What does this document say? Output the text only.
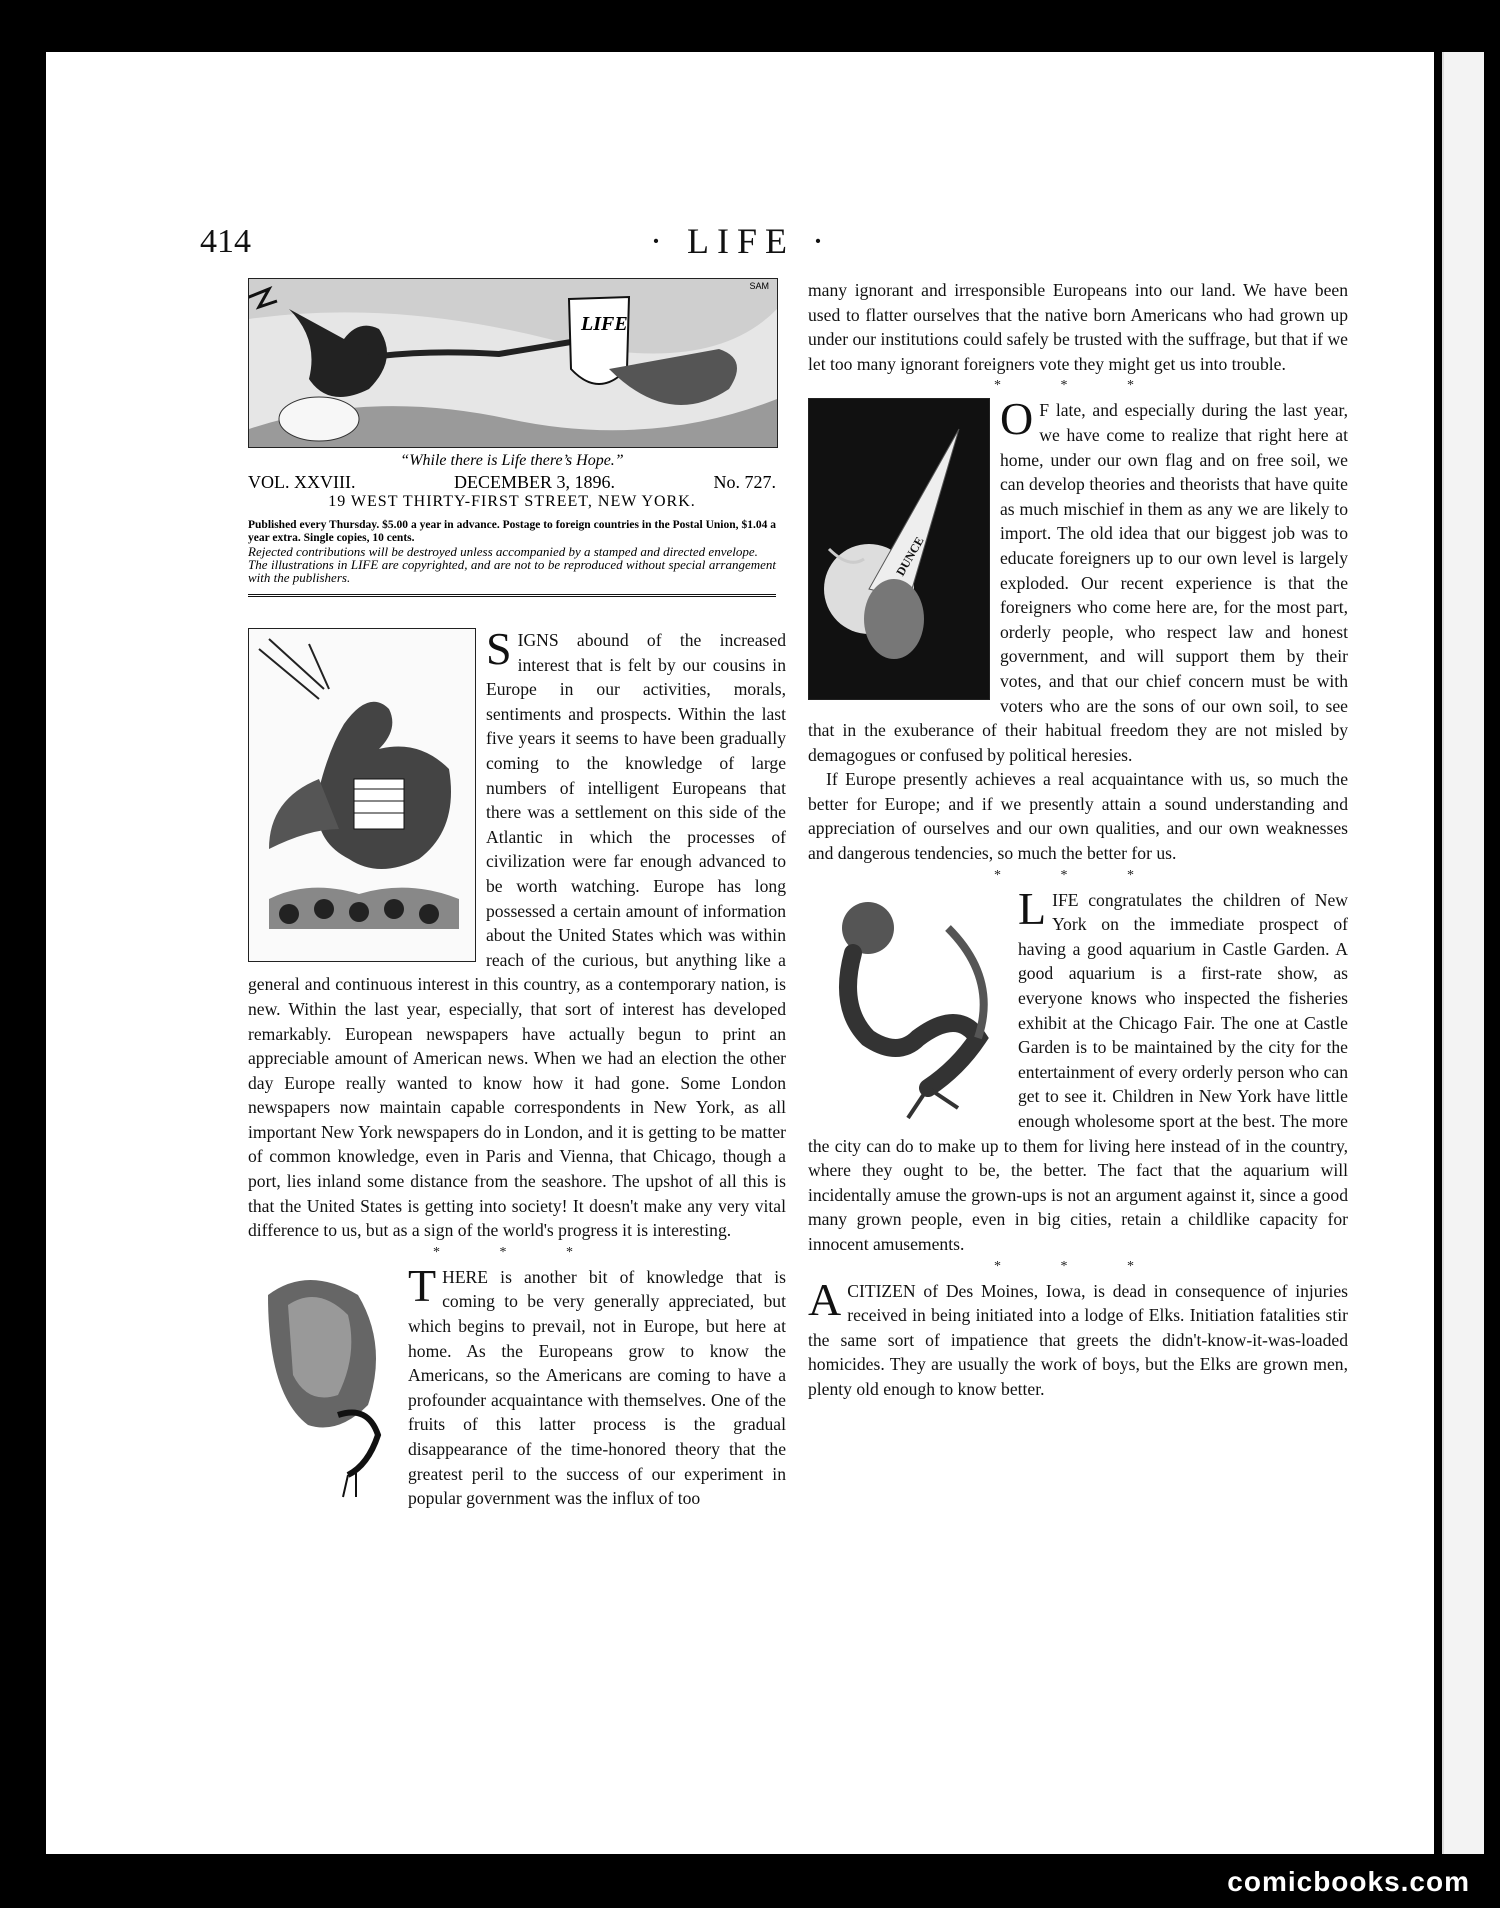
414	· LIFE ·
SAM
LIFE
“While there is Life there’s Hope.”
VOL. XXVIII.	DECEMBER 3, 1896.	No. 727.
19 WEST THIRTY-FIRST STREET, NEW YORK.
Published every Thursday. $5.00 a year in advance. Postage to foreign countries in the Postal Union, $1.04 a year extra. Single copies, 10 cents.
Rejected contributions will be destroyed unless accompanied by a stamped and directed envelope.
The illustrations in LIFE are copyrighted, and are not to be reproduced without special arrangement with the publishers.

SIGNS abound of the increased interest that is felt by our cousins in Europe in our activities, morals, sentiments and prospects. Within the last five years it seems to have been gradually coming to the knowledge of large numbers of intelligent Europeans that there was a settlement on this side of the Atlantic in which the processes of civilization were far enough advanced to be worth watching. Europe has long possessed a certain amount of information about the United States which was within reach of the curious, but anything like a general and continuous interest in this country, as a contemporary nation, is new. Within the last year, especially, that sort of interest has developed remarkably. European newspapers have actually begun to print an appreciable amount of American news. When we had an election the other day Europe really wanted to know how it had gone. Some London newspapers now maintain capable correspondents in New York, as all important New York newspapers do in London, and it is getting to be matter of common knowledge, even in Paris and Vienna, that Chicago, though a port, lies inland some distance from the seashore. The upshot of all this is that the United States is getting into society! It doesn't make any very vital difference to us, but as a sign of the world's progress it is interesting.

* * *

THERE is another bit of knowledge that is coming to be very generally appreciated, but which begins to prevail, not in Europe, but here at home. As the Europeans grow to know the Americans, so the Americans are coming to have a profounder acquaintance with themselves. One of the fruits of this latter process is the gradual disappearance of the time-honored theory that the greatest peril to the success of our experiment in popular government was the influx of too

many ignorant and irresponsible Europeans into our land. We have been used to flatter ourselves that the native born Americans who had grown up under our institutions could safely be trusted with the suffrage, but that if we let too many ignorant foreigners vote they might get us into trouble.

* * *
DUNCE

O F late, and especially during the last year, we have come to realize that right here at home, under our own flag and on free soil, we can develop theories and theorists that have quite as much mischief in them as any we are likely to import. The old idea that our biggest job was to educate foreigners up to our own level is largely exploded. Our recent experience is that the foreigners who come here are, for the most part, orderly people, who respect law and honest government, and will support them by their votes, and that our chief concern must be with voters who are the sons of our own soil, to see that in the exuberance of their habitual freedom they are not misled by demagogues or confused by political heresies.

If Europe presently achieves a real acquaintance with us, so much the better for Europe; and if we presently attain a sound understanding and appreciation of ourselves and our own qualities, and our own weaknesses and dangerous tendencies, so much the better for us.

* * *

LIFE congratulates the children of New York on the immediate prospect of having a good aquarium in Castle Garden. A good aquarium is a first-rate show, as everyone knows who inspected the fisheries exhibit at the Chicago Fair. The one at Castle Garden is to be maintained by the city for the entertainment of every orderly person who can get to see it. Children in New York have little enough wholesome sport at the best. The more the city can do to make up to them for living here instead of in the country, where they ought to be, the better. The fact that the aquarium will incidentally amuse the grown-ups is not an argument against it, since a good many grown people, even in big cities, retain a childlike capacity for innocent amusements.

* * *

ACITIZEN of Des Moines, Iowa, is dead in consequence of injuries received in being initiated into a lodge of Elks. Initiation fatalities stir the same sort of impatience that greets the didn't-know-it-was-loaded homicides. They are usually the work of boys, but the Elks are grown men, plenty old enough to know better.

comicbooks.com
